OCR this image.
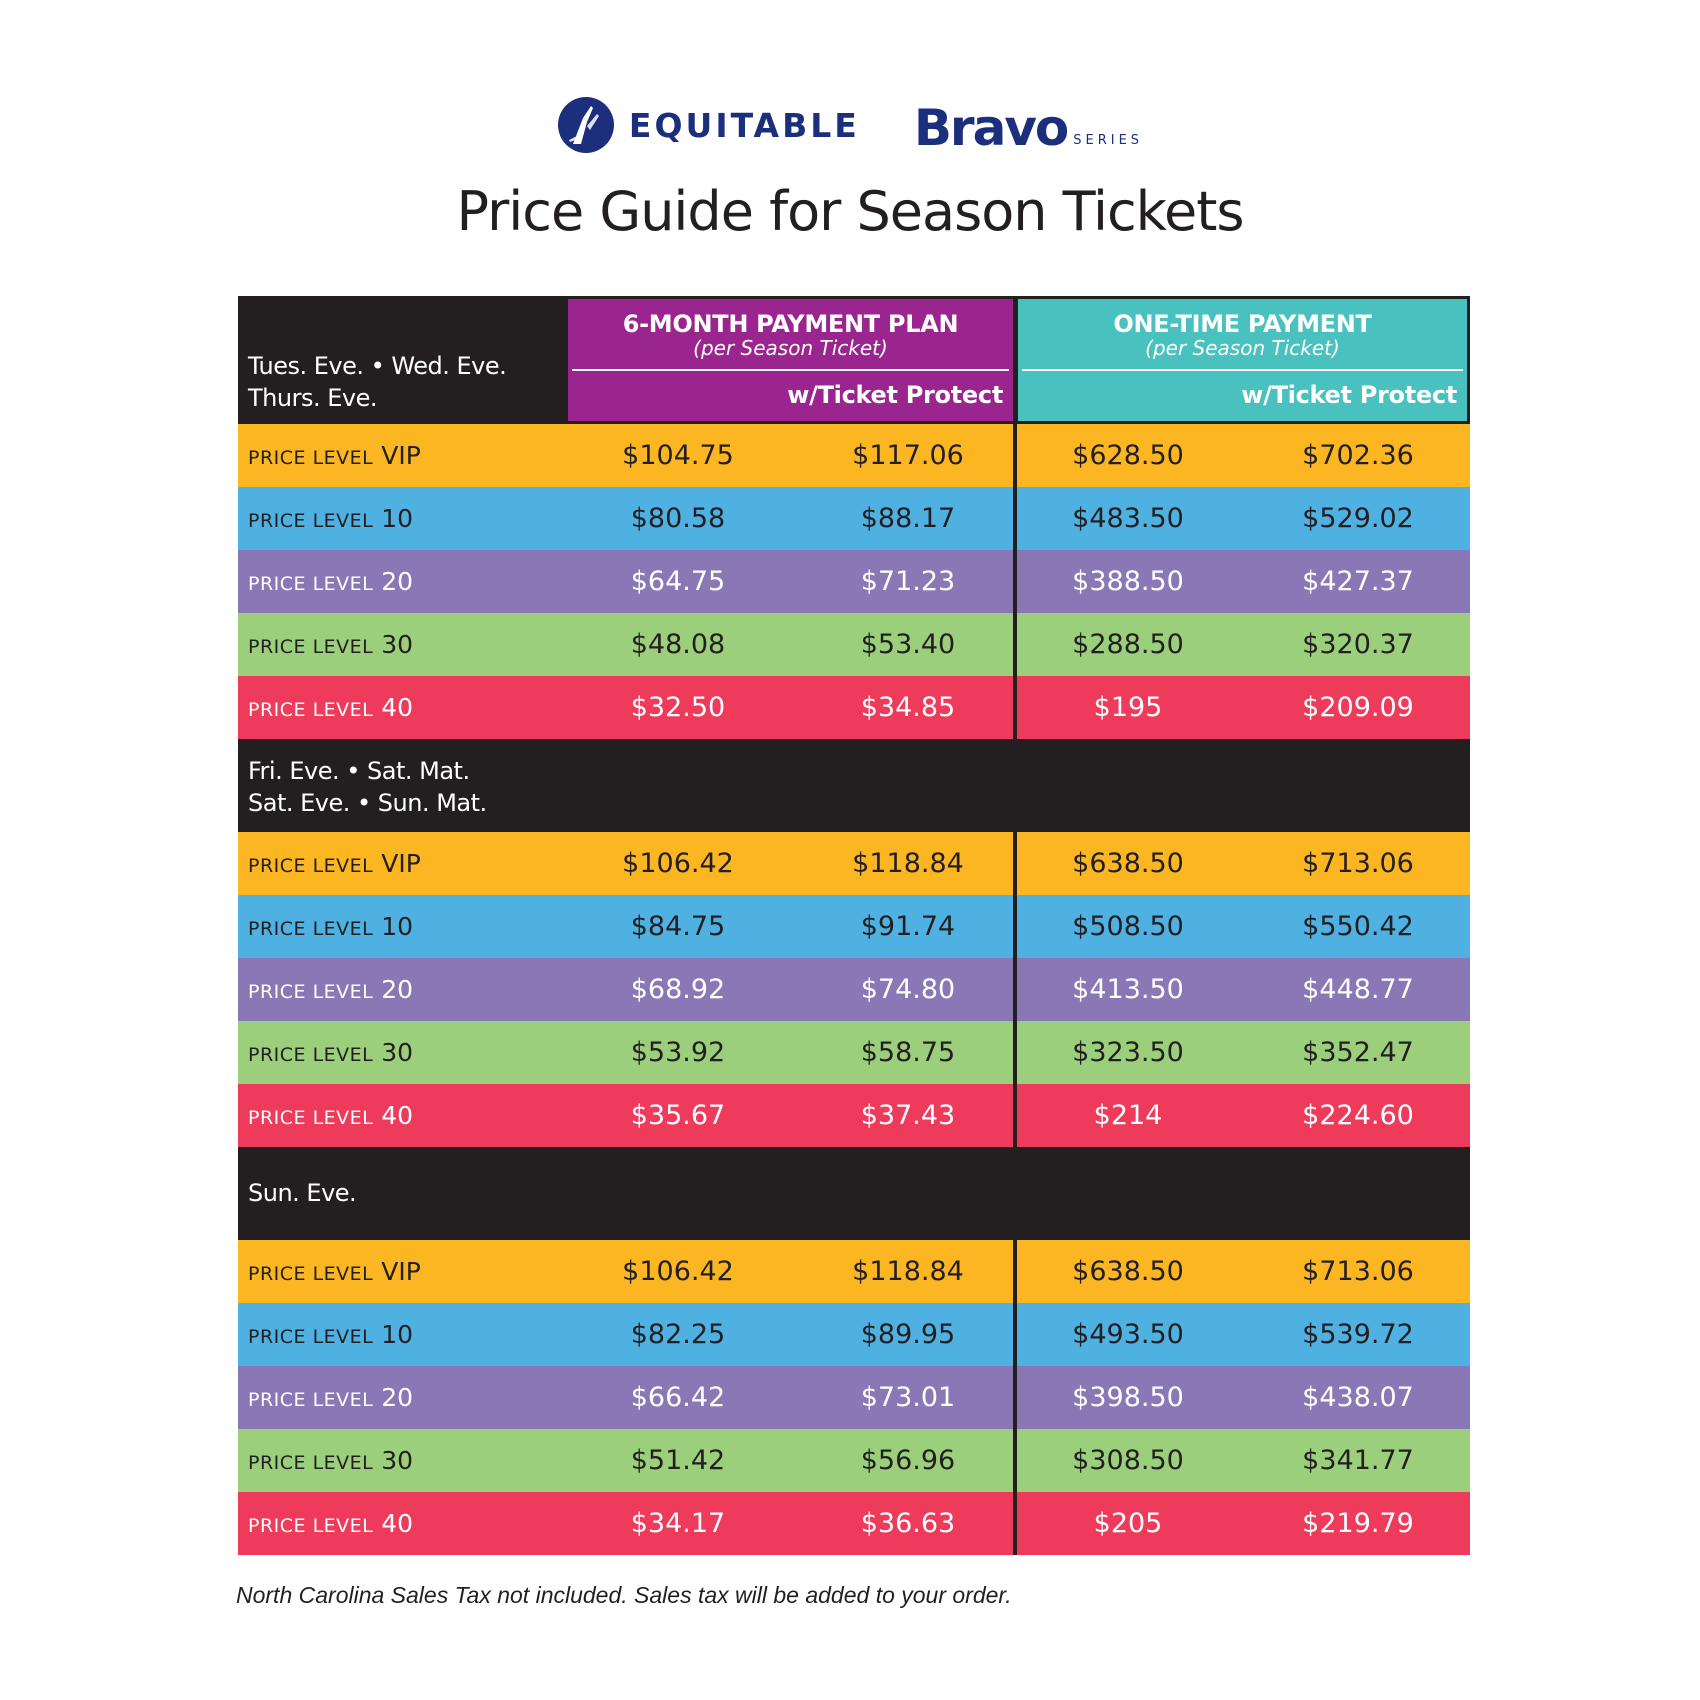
EQUITABLE Bravo SERIES
Price Guide for Season Tickets
Tues. Eve. • Wed. Eve.
Thurs. Eve.
6-MONTH PAYMENT PLAN
(per Season Ticket)
w/Ticket Protect
ONE-TIME PAYMENT
(per Season Ticket)
w/Ticket Protect
PRICE LEVEL VIP	$104.75	$117.06	$628.50	$702.36
PRICE LEVEL 10	$80.58	$88.17	$483.50	$529.02
PRICE LEVEL 20	$64.75	$71.23	$388.50	$427.37
PRICE LEVEL 30	$48.08	$53.40	$288.50	$320.37
PRICE LEVEL 40	$32.50	$34.85	$195	$209.09
Fri. Eve. • Sat. Mat.
Sat. Eve. • Sun. Mat.
PRICE LEVEL VIP	$106.42	$118.84	$638.50	$713.06
PRICE LEVEL 10	$84.75	$91.74	$508.50	$550.42
PRICE LEVEL 20	$68.92	$74.80	$413.50	$448.77
PRICE LEVEL 30	$53.92	$58.75	$323.50	$352.47
PRICE LEVEL 40	$35.67	$37.43	$214	$224.60
Sun. Eve.
PRICE LEVEL VIP	$106.42	$118.84	$638.50	$713.06
PRICE LEVEL 10	$82.25	$89.95	$493.50	$539.72
PRICE LEVEL 20	$66.42	$73.01	$398.50	$438.07
PRICE LEVEL 30	$51.42	$56.96	$308.50	$341.77
PRICE LEVEL 40	$34.17	$36.63	$205	$219.79
North Carolina Sales Tax not included. Sales tax will be added to your order.
